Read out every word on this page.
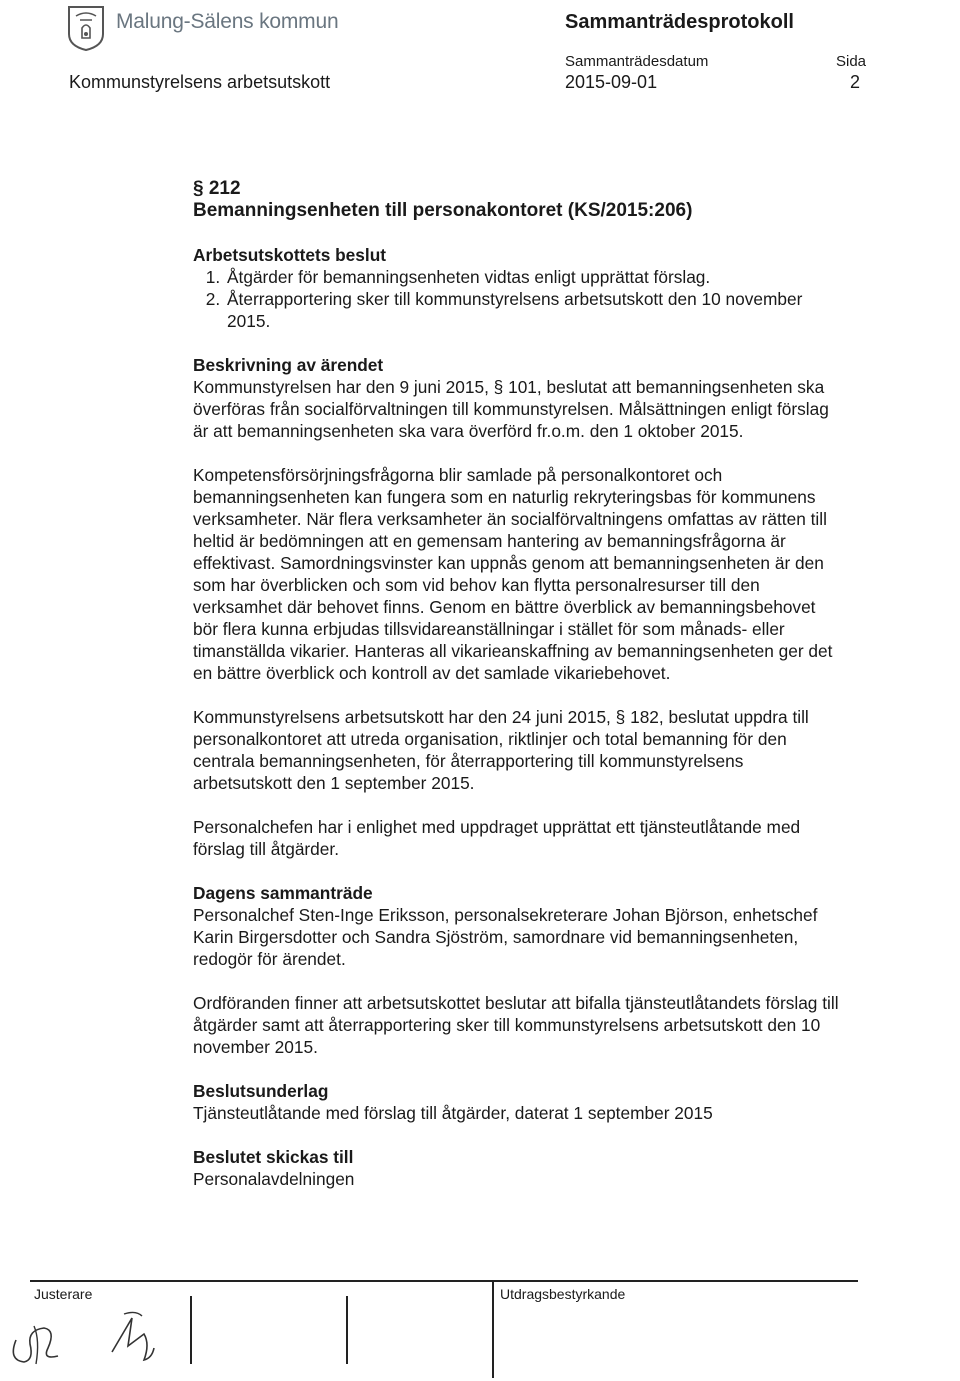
Malung-Sälens kommun	Sammanträdesprotokoll
Sammanträdesdatum	Sida
Kommunstyrelsens arbetsutskott	2015-09-01	2

§ 212

Bemanningsenheten till personakontoret (KS/2015:206)

Arbetsutskottets beslut

1. Åtgärder för bemanningsenheten vidtas enligt upprättat förslag.
2. Återrapportering sker till kommunstyrelsens arbetsutskott den 10 november 2015.

Beskrivning av ärendet

Kommunstyrelsen har den 9 juni 2015, § 101, beslutat att bemanningsenheten ska överföras från socialförvaltningen till kommunstyrelsen. Målsättningen enligt förslag är att bemanningsenheten ska vara överförd fr.o.m. den 1 oktober 2015.

Kompetensförsörjningsfrågorna blir samlade på personalkontoret och bemanningsenheten kan fungera som en naturlig rekryteringsbas för kommunens verksamheter. När flera verksamheter än socialförvaltningens omfattas av rätten till heltid är bedömningen att en gemensam hantering av bemanningsfrågorna är effektivast. Samordningsvinster kan uppnås genom att bemanningsenheten är den som har överblicken och som vid behov kan flytta personalresurser till den verksamhet där behovet finns. Genom en bättre överblick av bemanningsbehovet bör flera kunna erbjudas tillsvidareanställningar i stället för som månads- eller timanställda vikarier. Hanteras all vikarieanskaffning av bemanningsenheten ger det en bättre överblick och kontroll av det samlade vikariebehovet.

Kommunstyrelsens arbetsutskott har den 24 juni 2015, § 182, beslutat uppdra till personalkontoret att utreda organisation, riktlinjer och total bemanning för den centrala bemanningsenheten, för återrapportering till kommunstyrelsens arbetsutskott den 1 september 2015.

Personalchefen har i enlighet med uppdraget upprättat ett tjänsteutlåtande med förslag till åtgärder.

Dagens sammanträde

Personalchef Sten-Inge Eriksson, personalsekreterare Johan Björson, enhetschef Karin Birgersdotter och Sandra Sjöström, samordnare vid bemanningsenheten, redogör för ärendet.

Ordföranden finner att arbetsutskottet beslutar att bifalla tjänsteutlåtandets förslag till åtgärder samt att återrapportering sker till kommunstyrelsens arbetsutskott den 10 november 2015.

Beslutsunderlag

Tjänsteutlåtande med förslag till åtgärder, daterat 1 september 2015

Beslutet skickas till

Personalavdelningen

Justerare	Utdragsbestyrkande
